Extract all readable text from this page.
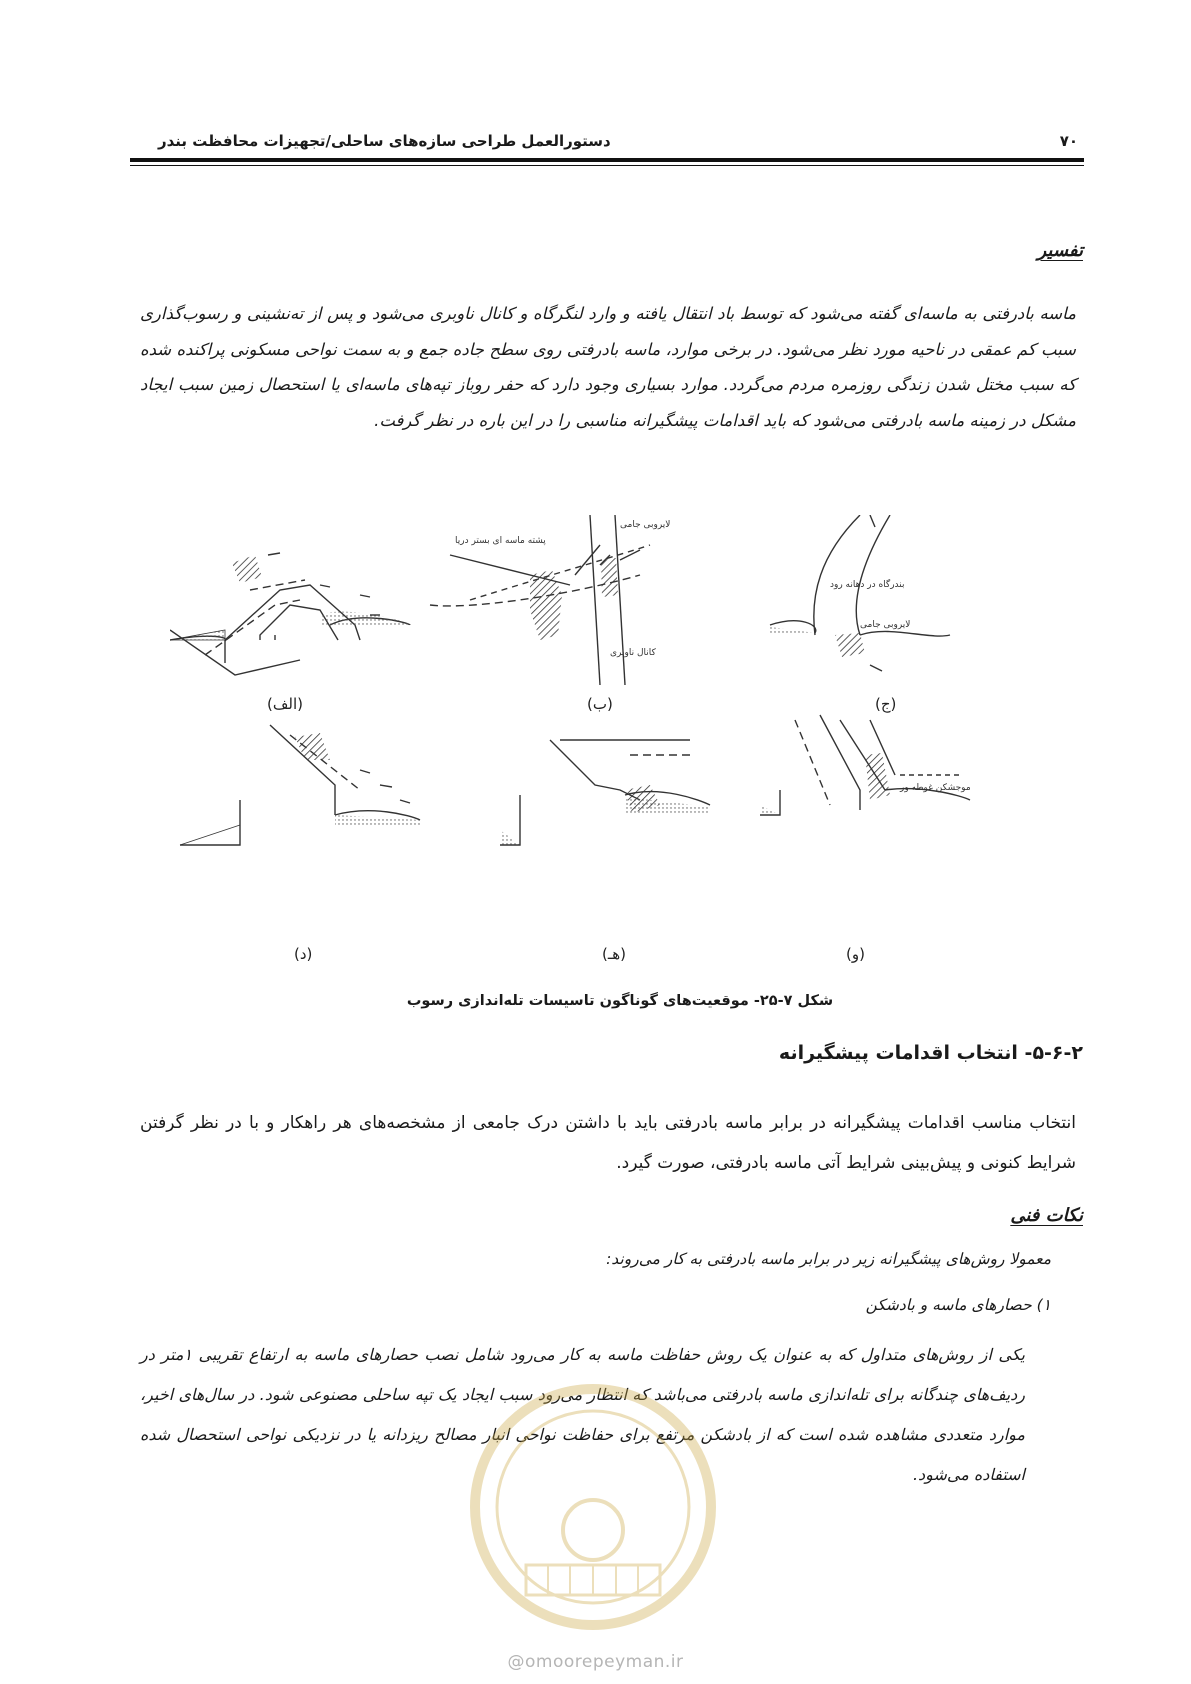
دستورالعمل طراحی سازه‌های ساحلی/تجهیزات محافظت بندر	۷۰
تفسیر

ماسه بادرفتی به ماسه‌ای گفته می‌شود که توسط باد انتقال یافته و وارد لنگرگاه و کانال ناوبری می‌شود و پس از ته‌نشینی و رسوب‌گذاری سبب کم عمقی در ناحیه مورد نظر می‌شود. در برخی موارد، ماسه بادرفتی روی سطح جاده جمع و به سمت نواحی مسکونی پراکنده شده که سبب مختل شدن زندگی روزمره مردم می‌گردد. موارد بسیاری وجود دارد که حفر روباز تپه‌های ماسه‌ای یا استحصال زمین سبب ایجاد مشکل در زمینه ماسه بادرفتی می‌شود که باید اقدامات پیشگیرانه مناسبی را در این باره در نظر گرفت.

پشته ماسه ای بستر دریا
لایروبی جامی
کانال ناوبری
بندرگاه در دهانه رود
لایروبی جامی
موجشکن غوطه ور
(الف)	(ب)	(ج)
(د)	(هـ)	(و)
شکل ۷-۲۵- موقعیت‌های گوناگون تاسیسات تله‌اندازی رسوب
۵-۶-۲- انتخاب اقدامات پیشگیرانه

انتخاب مناسب اقدامات پیشگیرانه در برابر ماسه بادرفتی باید با داشتن درک جامعی از مشخصه‌های هر راهکار و با در نظر گرفتن شرایط کنونی و پیش‌بینی شرایط آتی ماسه بادرفتی، صورت گیرد.

نکات فنی
معمولا روش‌های پیشگیرانه زیر در برابر ماسه بادرفتی به کار می‌روند:
۱) حصارهای ماسه و بادشکن

یکی از روش‌های متداول که به عنوان یک روش حفاظت ماسه به کار می‌رود شامل نصب حصارهای ماسه به ارتفاع تقریبی ۱متر در ردیف‌های چندگانه برای تله‌اندازی ماسه بادرفتی می‌باشد که انتظار می‌رود سبب ایجاد یک تپه ساحلی مصنوعی شود. در سال‌های اخیر، موارد متعددی مشاهده شده است که از بادشکن مرتفع برای حفاظت نواحی انبار مصالح ریزدانه یا در نزدیکی نواحی استحصال شده استفاده می‌شود.

@omoorepeyman.ir
